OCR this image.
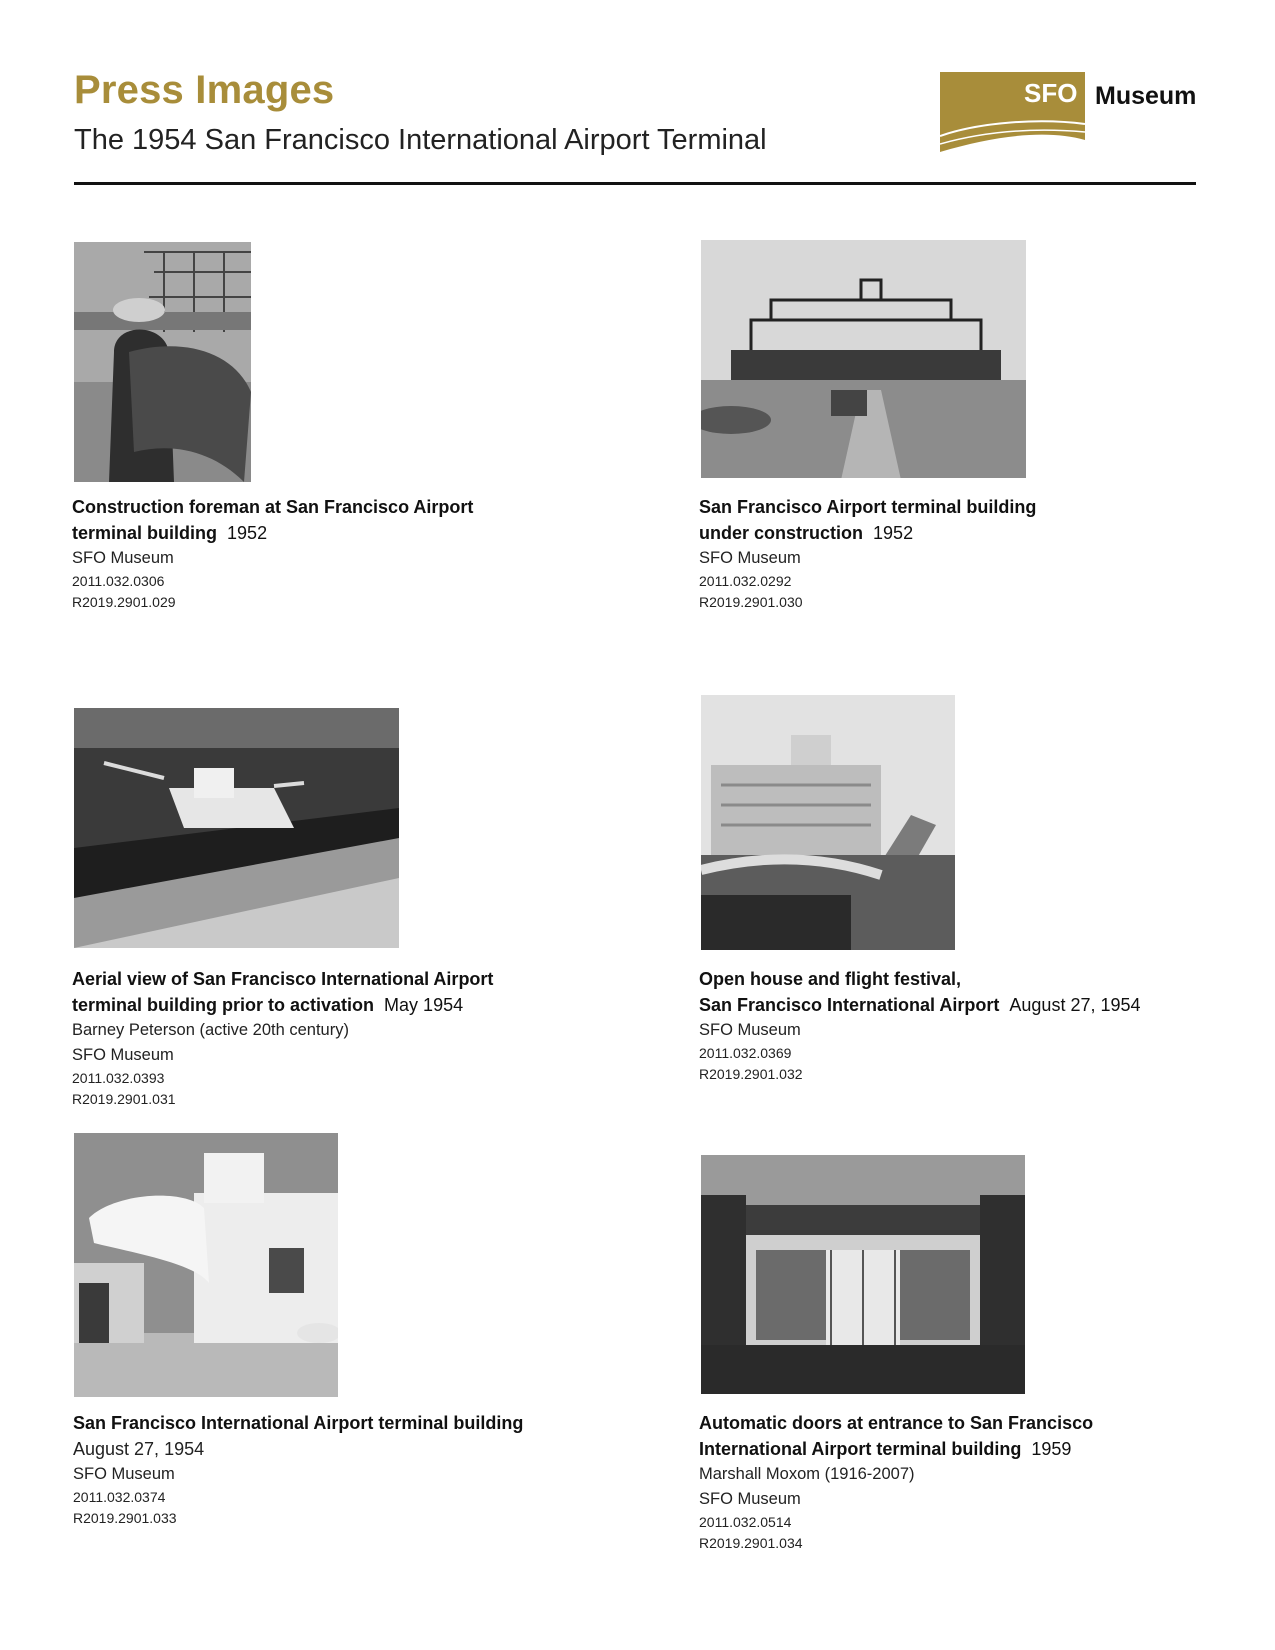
Press Images

The 1954 San Francisco International Airport Terminal

SFO Museum

Construction foreman at San Francisco Airport

terminal building 1952

SFO Museum

2011.032.0306

R2019.2901.029

San Francisco Airport terminal building

under construction 1952

SFO Museum

2011.032.0292

R2019.2901.030

Aerial view of San Francisco International Airport

terminal building prior to activation May 1954

Barney Peterson (active 20th century)

SFO Museum

2011.032.0393

R2019.2901.031

Open house and flight festival,

San Francisco International Airport August 27, 1954

SFO Museum

2011.032.0369

R2019.2901.032

San Francisco International Airport terminal building

August 27, 1954

SFO Museum

2011.032.0374

R2019.2901.033

Automatic doors at entrance to San Francisco

International Airport terminal building 1959

Marshall Moxom (1916-2007)

SFO Museum

2011.032.0514

R2019.2901.034
